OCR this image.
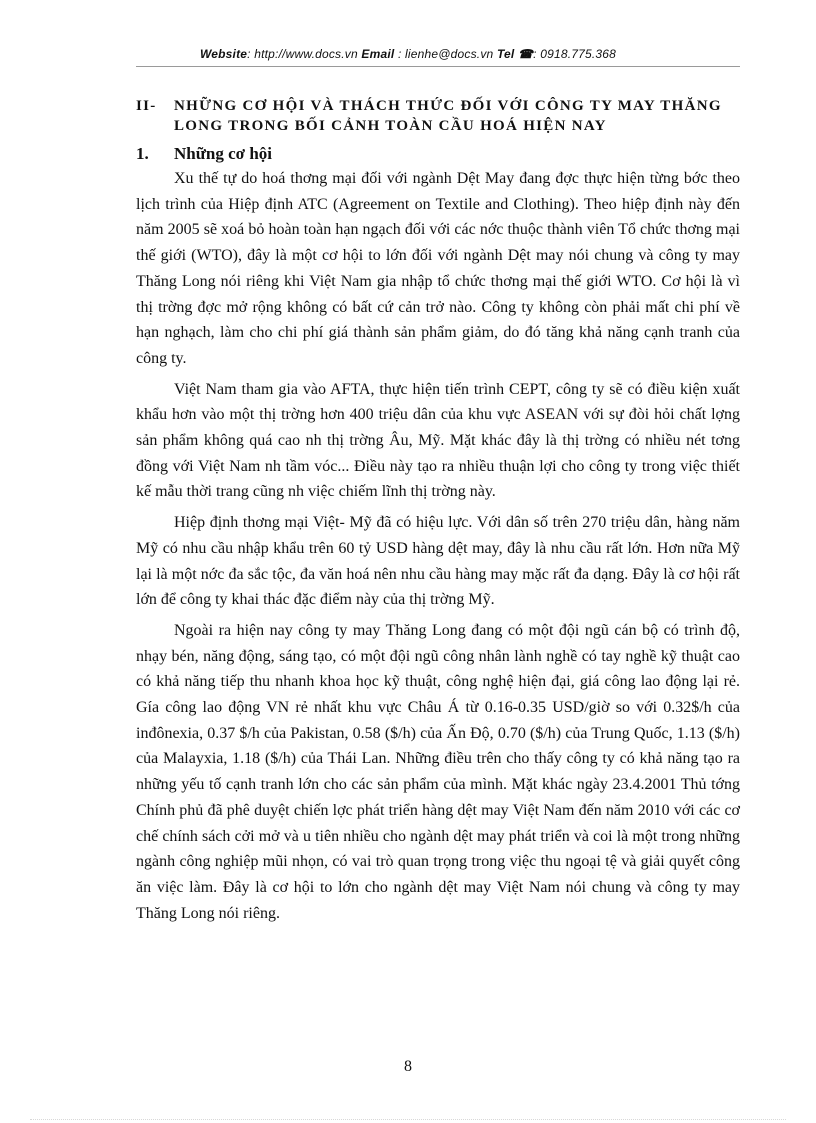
Website: http://www.docs.vn Email : lienhe@docs.vn Tel ☎: 0918.775.368
II-	NHỮNG CƠ HỘI VÀ THÁCH THỨC ĐỐI VỚI CÔNG TY MAY THĂNG LONG TRONG BỐI CẢNH TOÀN CẦU HOÁ HIỆN NAY
1.	Những cơ hội

Xu thế tự do hoá thơng mại đối với ngành Dệt May đang đợc thực hiện từng bớc theo lịch trình của Hiệp định ATC (Agreement on Textile and Clothing). Theo hiệp định này đến năm 2005 sẽ xoá bỏ hoàn toàn hạn ngạch đối với các nớc thuộc thành viên Tổ chức thơng mại thế giới (WTO), đây là một cơ hội to lớn đối với ngành Dệt may nói chung và công ty may Thăng Long nói riêng khi Việt Nam gia nhập tổ chức thơng mại thế giới WTO. Cơ hội là vì thị trờng đợc mở rộng không có bất cứ cản trở nào. Công ty không còn phải mất chi phí về hạn nghạch, làm cho chi phí giá thành sản phẩm giảm, do đó tăng khả năng cạnh tranh của công ty.

Việt Nam tham gia vào AFTA, thực hiện tiến trình CEPT, công ty sẽ có điều kiện xuất khẩu hơn vào một thị trờng hơn 400 triệu dân của khu vực ASEAN với sự đòi hỏi chất lợng sản phẩm không quá cao nh thị trờng Âu, Mỹ. Mặt khác đây là thị trờng có nhiều nét tơng đồng với Việt Nam nh tầm vóc... Điều này tạo ra nhiều thuận lợi cho công ty trong việc thiết kế mẫu thời trang cũng nh việc chiếm lĩnh thị trờng này.

Hiệp định thơng mại Việt- Mỹ đã có hiệu lực. Với dân số trên 270 triệu dân, hàng năm Mỹ có nhu cầu nhập khẩu trên 60 tỷ USD hàng dệt may, đây là nhu cầu rất lớn. Hơn nữa Mỹ lại là một nớc đa sắc tộc, đa văn hoá nên nhu cầu hàng may mặc rất đa dạng. Đây là cơ hội rất lớn để công ty khai thác đặc điểm này của thị trờng Mỹ.

Ngoài ra hiện nay công ty may Thăng Long đang có một đội ngũ cán bộ có trình độ, nhạy bén, năng động, sáng tạo, có một đội ngũ công nhân lành nghề có tay nghề kỹ thuật cao có khả năng tiếp thu nhanh khoa học kỹ thuật, công nghệ hiện đại, giá công lao động lại rẻ. Gía công lao động VN rẻ nhất khu vực Châu Á từ 0.16-0.35 USD/giờ so với 0.32$/h của inđônexia, 0.37 $/h của Pakistan, 0.58 ($/h) của Ấn Độ, 0.70 ($/h) của Trung Quốc, 1.13 ($/h) của Malayxia, 1.18 ($/h) của Thái Lan. Những điều trên cho thấy công ty có khả năng tạo ra những yếu tố cạnh tranh lớn cho các sản phẩm của mình. Mặt khác ngày 23.4.2001 Thủ tớng Chính phủ đã phê duyệt chiến lợc phát triển hàng dệt may Việt Nam đến năm 2010 với các cơ chế chính sách cởi mở và u tiên nhiều cho ngành dệt may phát triển và coi là một trong những ngành công nghiệp mũi nhọn, có vai trò quan trọng trong việc thu ngoại tệ và giải quyết công ăn việc làm. Đây là cơ hội to lớn cho ngành dệt may Việt Nam nói chung và công ty may Thăng Long nói riêng.

8
